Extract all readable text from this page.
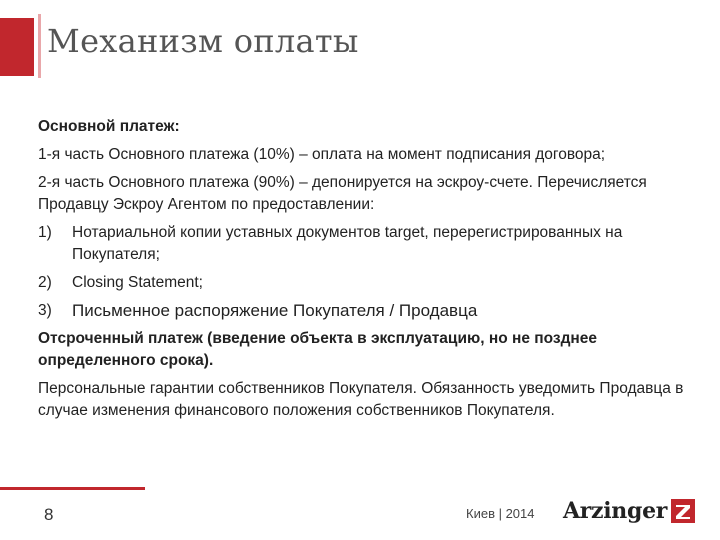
Механизм оплаты
Основной платеж:
1-я часть Основного платежа (10%) – оплата на момент подписания договора;
2-я часть Основного платежа (90%) – депонируется на эскроу-счете. Перечисляется Продавцу Эскроу Агентом по предоставлении:
1)	Нотариальной копии уставных документов target, перерегистрированных на Покупателя;
2)	Closing Statement;
3)	Письменное распоряжение Покупателя / Продавца
Отсроченный платеж (введение объекта в эксплуатацию, но не позднее определенного срока).
Персональные гарантии собственников Покупателя. Обязанность уведомить Продавца в случае изменения финансового положения собственников Покупателя.
8	Киев | 2014 Arzinger
